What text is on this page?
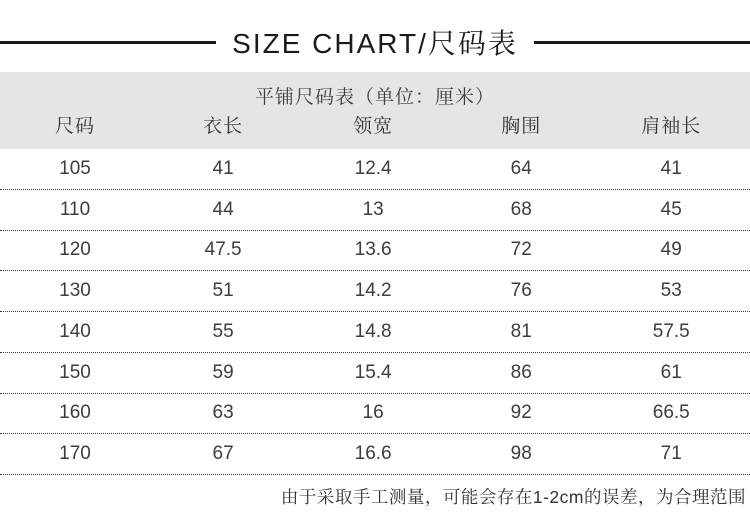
SIZE CHART/尺码表
平铺尺码表（单位：厘米）
尺码	衣长	领宽	胸围	肩袖长
105	41	12.4	64	41
110	44	13	68	45
120	47.5	13.6	72	49
130	51	14.2	76	53
140	55	14.8	81	57.5
150	59	15.4	86	61
160	63	16	92	66.5
170	67	16.6	98	71
由于采取手工测量，可能会存在1-2cm的误差，为合理范围
